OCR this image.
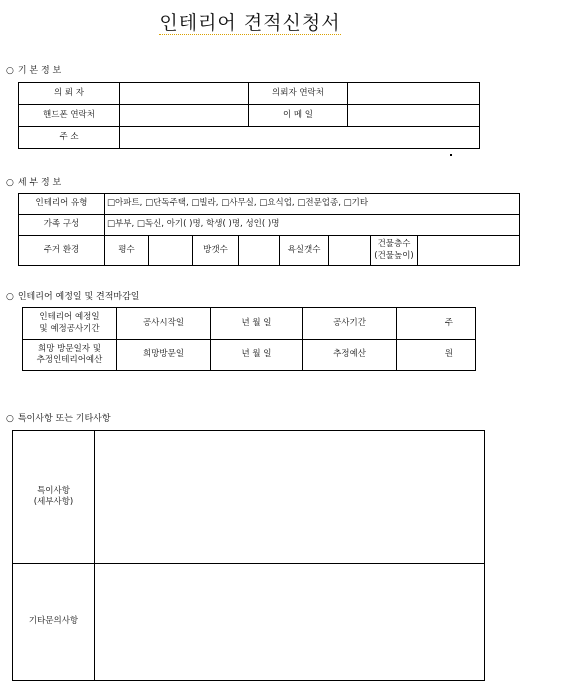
인테리어 견적신청서
○ 기 본 정 보
의 뢰 자		의뢰자 연락처	
핸드폰 연락처		이 메 일	
주 소			
○ 세 부 정 보
인테리어 유형	□아파트, □단독주택, □빌라, □사무실, □요식업, □전문업종, □기타							
가족 구성	□부부, □독신, 아기( )명, 학생( )명, 성인( )명							
주거 환경	평수		방갯수		욕실갯수		건물층수
(건물높이)	

○ 인테리어 예정일 및 견적마감일
인테리어 예정일
및 예정공사기간	공사시작일	년 월 일	공사기간	주

희망 방문일자 및
추정인테리어예산	희망방문일	년 월 일	추정예산	원
○ 특이사항 또는 기타사항
특이사항
(세부사항)	

기타문의사항	
